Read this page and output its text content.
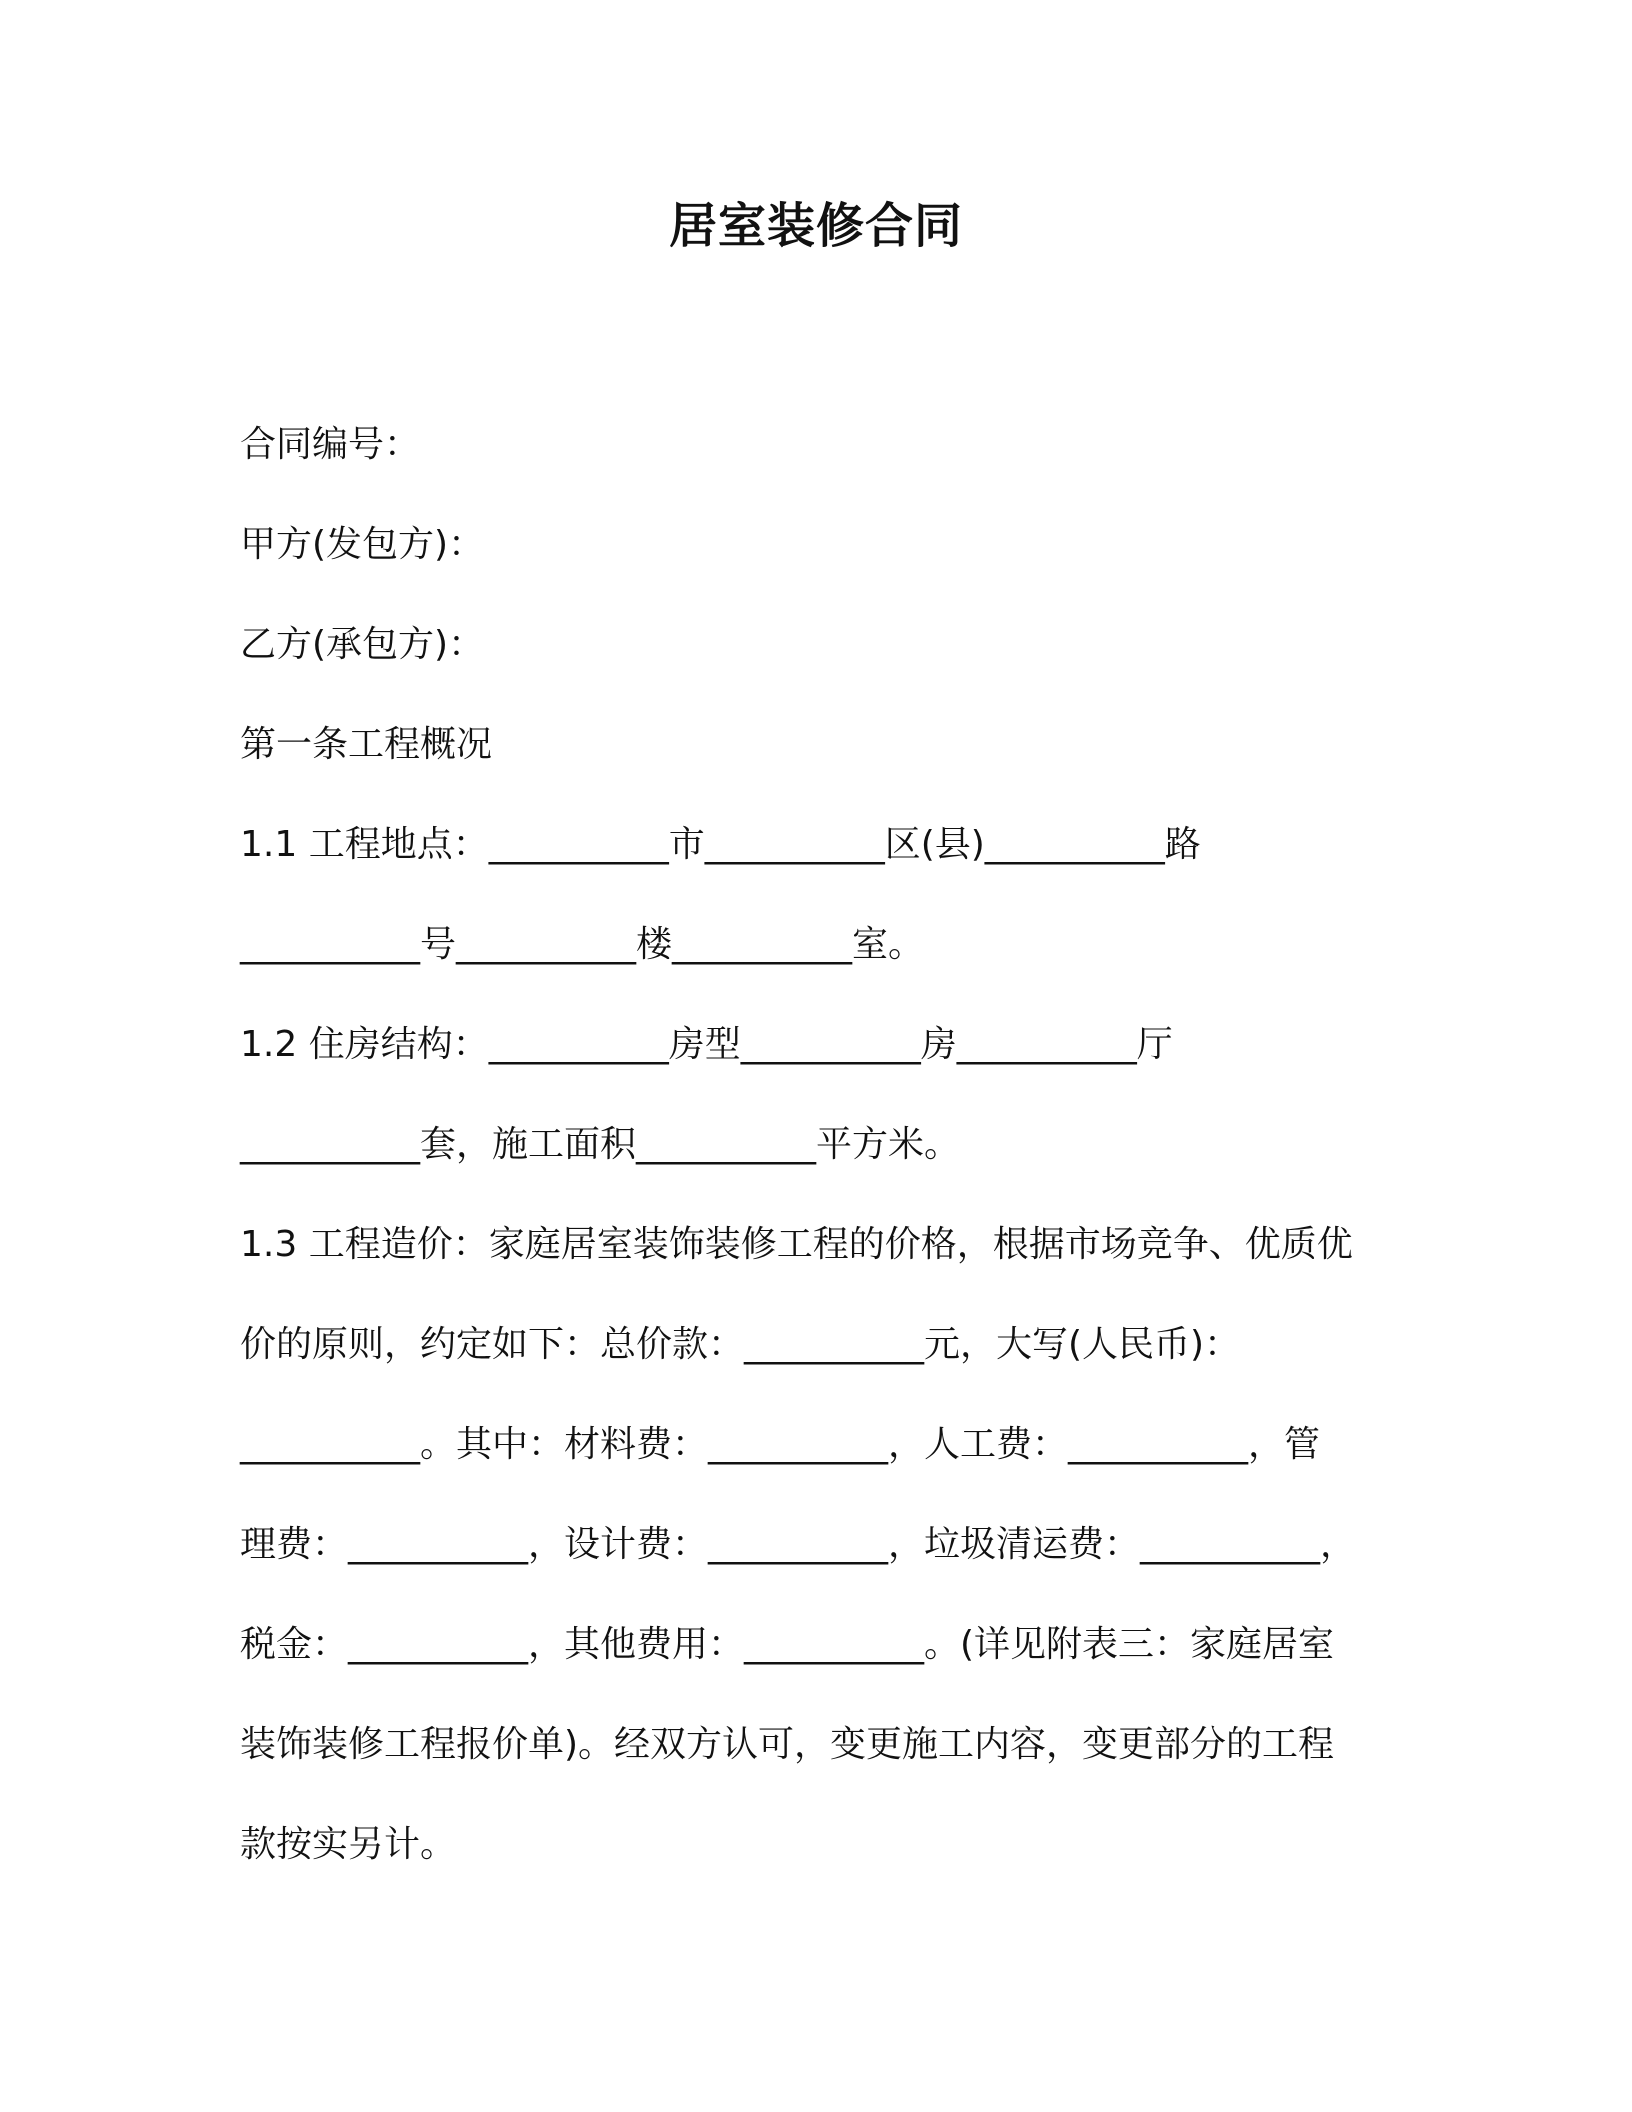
居室装修合同
合同编号：
甲方(发包方)：
乙方(承包方)：
第一条工程概况
1.1 工程地点：__________市__________区(县)__________路
__________号__________楼__________室。
1.2 住房结构：__________房型__________房__________厅
__________套，施工面积__________平方米。
1.3 工程造价：家庭居室装饰装修工程的价格，根据市场竞争、优质优
价的原则，约定如下：总价款：__________元，大写(人民币)：
__________。其中：材料费：__________，人工费：__________，管
理费：__________，设计费：__________，垃圾清运费：__________，
税金：__________，其他费用：__________。(详见附表三：家庭居室
装饰装修工程报价单)。经双方认可，变更施工内容，变更部分的工程
款按实另计。
